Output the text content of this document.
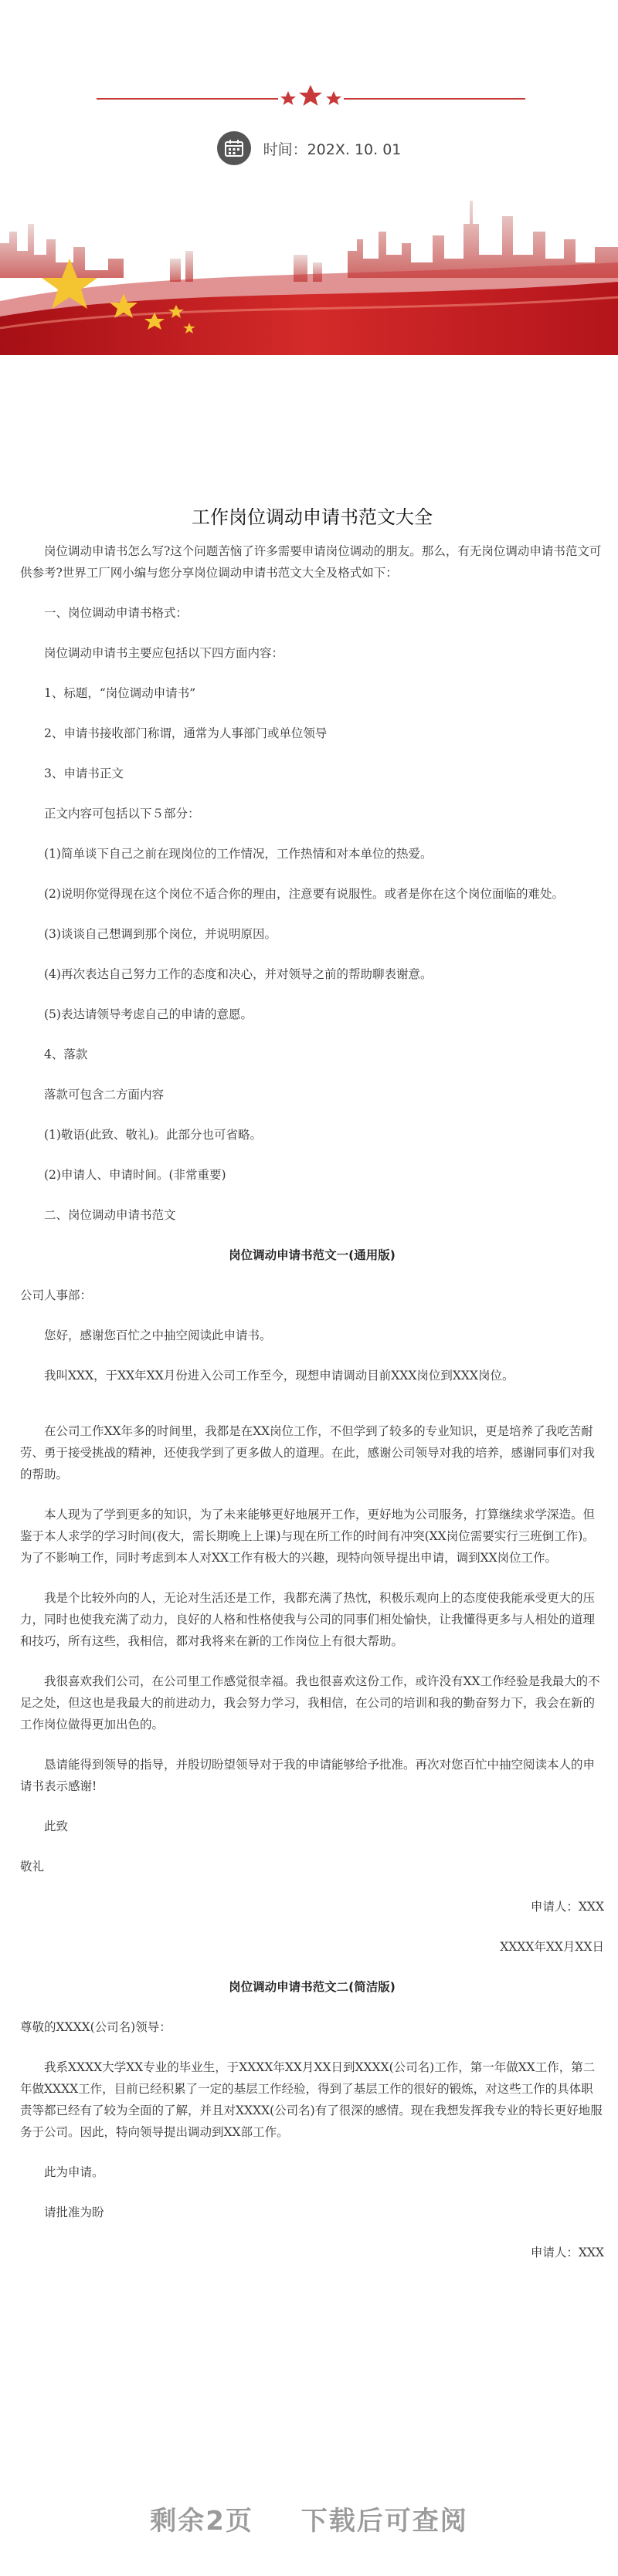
时间：202X. 10. 01
工作岗位调动申请书范文大全

岗位调动申请书怎么写?这个问题苦恼了许多需要申请岗位调动的朋友。那么，有无岗位调动申请书范文可供参考?世界工厂网小编与您分享岗位调动申请书范文大全及格式如下：

一、岗位调动申请书格式：

岗位调动申请书主要应包括以下四方面内容：

1、标题，“岗位调动申请书”

2、申请书接收部门称谓，通常为人事部门或单位领导

3、申请书正文

正文内容可包括以下５部分：

(1)简单谈下自己之前在现岗位的工作情况，工作热情和对本单位的热爱。

(2)说明你觉得现在这个岗位不适合你的理由，注意要有说服性。或者是你在这个岗位面临的难处。

(3)谈谈自己想调到那个岗位，并说明原因。

(4)再次表达自己努力工作的态度和决心，并对领导之前的帮助聊表谢意。

(5)表达请领导考虑自己的申请的意愿。

4、落款

落款可包含二方面内容

(1)敬语(此致、敬礼)。此部分也可省略。

(2)申请人、申请时间。(非常重要)

二、岗位调动申请书范文

岗位调动申请书范文一(通用版)

公司人事部：

您好，感谢您百忙之中抽空阅读此申请书。

我叫XXX，于XX年XX月份进入公司工作至今，现想申请调动目前XXX岗位到XXX岗位。

在公司工作XX年多的时间里，我都是在XX岗位工作，不但学到了较多的专业知识，更是培养了我吃苦耐劳、勇于接受挑战的精神，还使我学到了更多做人的道理。在此，感谢公司领导对我的培养，感谢同事们对我的帮助。

本人现为了学到更多的知识，为了未来能够更好地展开工作，更好地为公司服务，打算继续求学深造。但鉴于本人求学的学习时间(夜大，需长期晚上上课)与现在所工作的时间有冲突(XX岗位需要实行三班倒工作)。为了不影响工作，同时考虑到本人对XX工作有极大的兴趣，现特向领导提出申请，调到XX岗位工作。

我是个比较外向的人，无论对生活还是工作，我都充满了热忱，积极乐观向上的态度使我能承受更大的压力，同时也使我充满了动力，良好的人格和性格使我与公司的同事们相处愉快，让我懂得更多与人相处的道理和技巧，所有这些，我相信，都对我将来在新的工作岗位上有很大帮助。

我很喜欢我们公司，在公司里工作感觉很幸福。我也很喜欢这份工作，或许没有XX工作经验是我最大的不足之处，但这也是我最大的前进动力，我会努力学习，我相信，在公司的培训和我的勤奋努力下，我会在新的工作岗位做得更加出色的。

恳请能得到领导的指导，并殷切盼望领导对于我的申请能够给予批准。再次对您百忙中抽空阅读本人的申请书表示感谢!

此致

敬礼

申请人：XXX

XXXX年XX月XX日

岗位调动申请书范文二(简洁版)

尊敬的XXXX(公司名)领导：

我系XXXX大学XX专业的毕业生，于XXXX年XX月XX日到XXXX(公司名)工作，第一年做XX工作，第二年做XXXX工作，目前已经积累了一定的基层工作经验，得到了基层工作的很好的锻炼，对这些工作的具体职责等都已经有了较为全面的了解，并且对XXXX(公司名)有了很深的感情。现在我想发挥我专业的特长更好地服务于公司。因此，特向领导提出调动到XX部工作。

此为申请。

请批准为盼

申请人：XXX

剩余2页 下载后可查阅
